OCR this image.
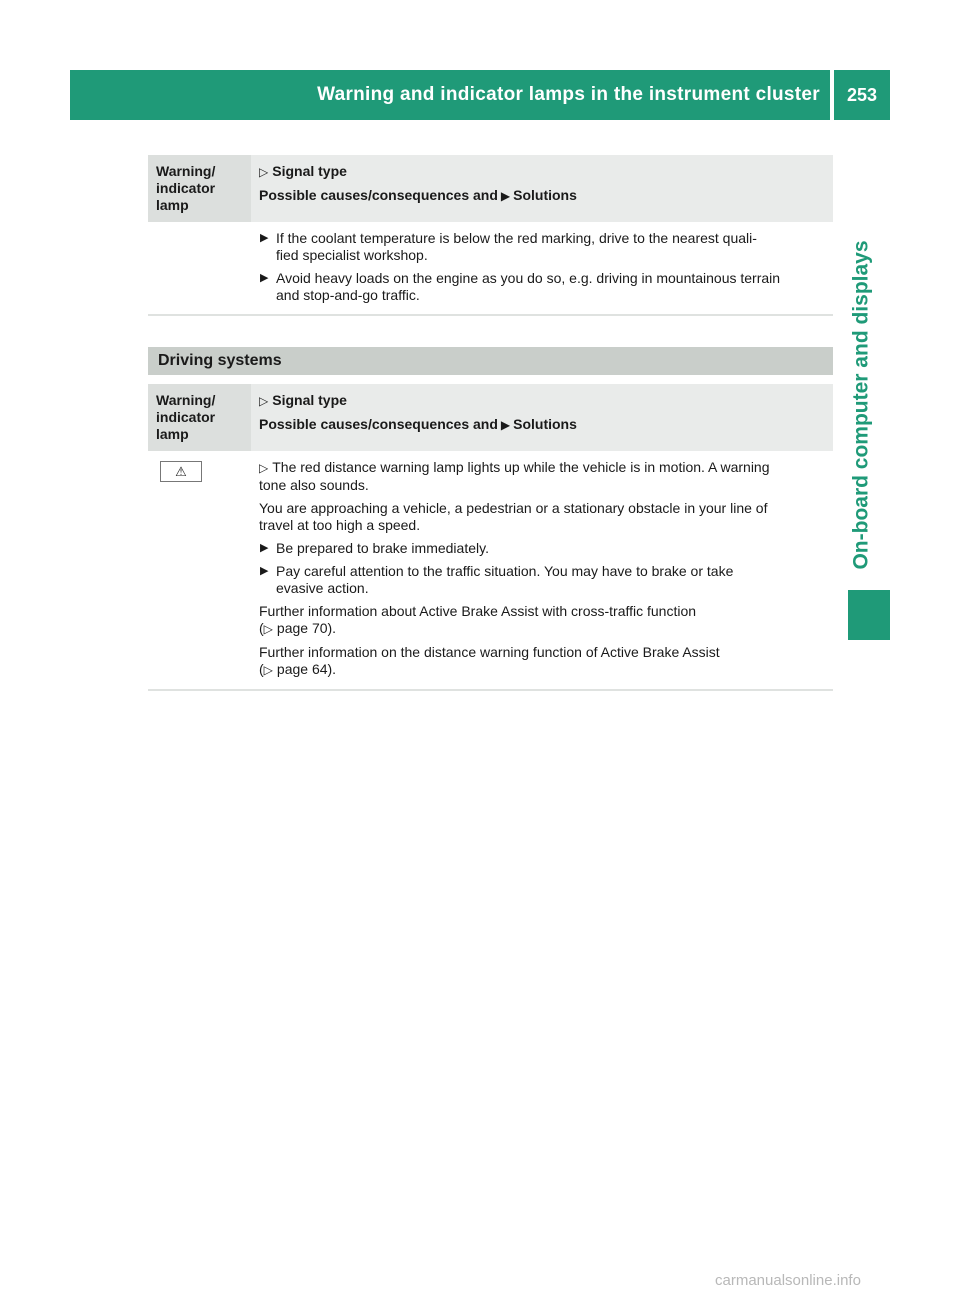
Warning and indicator lamps in the instrument cluster	253
On-board computer and displays
Warning/
indicator
lamp
▷ Signal type
Possible causes/consequences and ▶ Solutions
▶ If the coolant temperature is below the red marking, drive to the nearest quali-
fied specialist workshop.
▶ Avoid heavy loads on the engine as you do so, e.g. driving in mountainous terrain
and stop-and-go traffic.
Driving systems
Warning/
indicator
lamp
▷ Signal type
Possible causes/consequences and ▶ Solutions
⚠	▷ The red distance warning lamp lights up while the vehicle is in motion. A warning
tone also sounds.
You are approaching a vehicle, a pedestrian or a stationary obstacle in your line of
travel at too high a speed.
▶ Be prepared to brake immediately.
▶ Pay careful attention to the traffic situation. You may have to brake or take
evasive action.
Further information about Active Brake Assist with cross-traffic function
(▷ page 70).
Further information on the distance warning function of Active Brake Assist
(▷ page 64).
carmanualsonline.info
